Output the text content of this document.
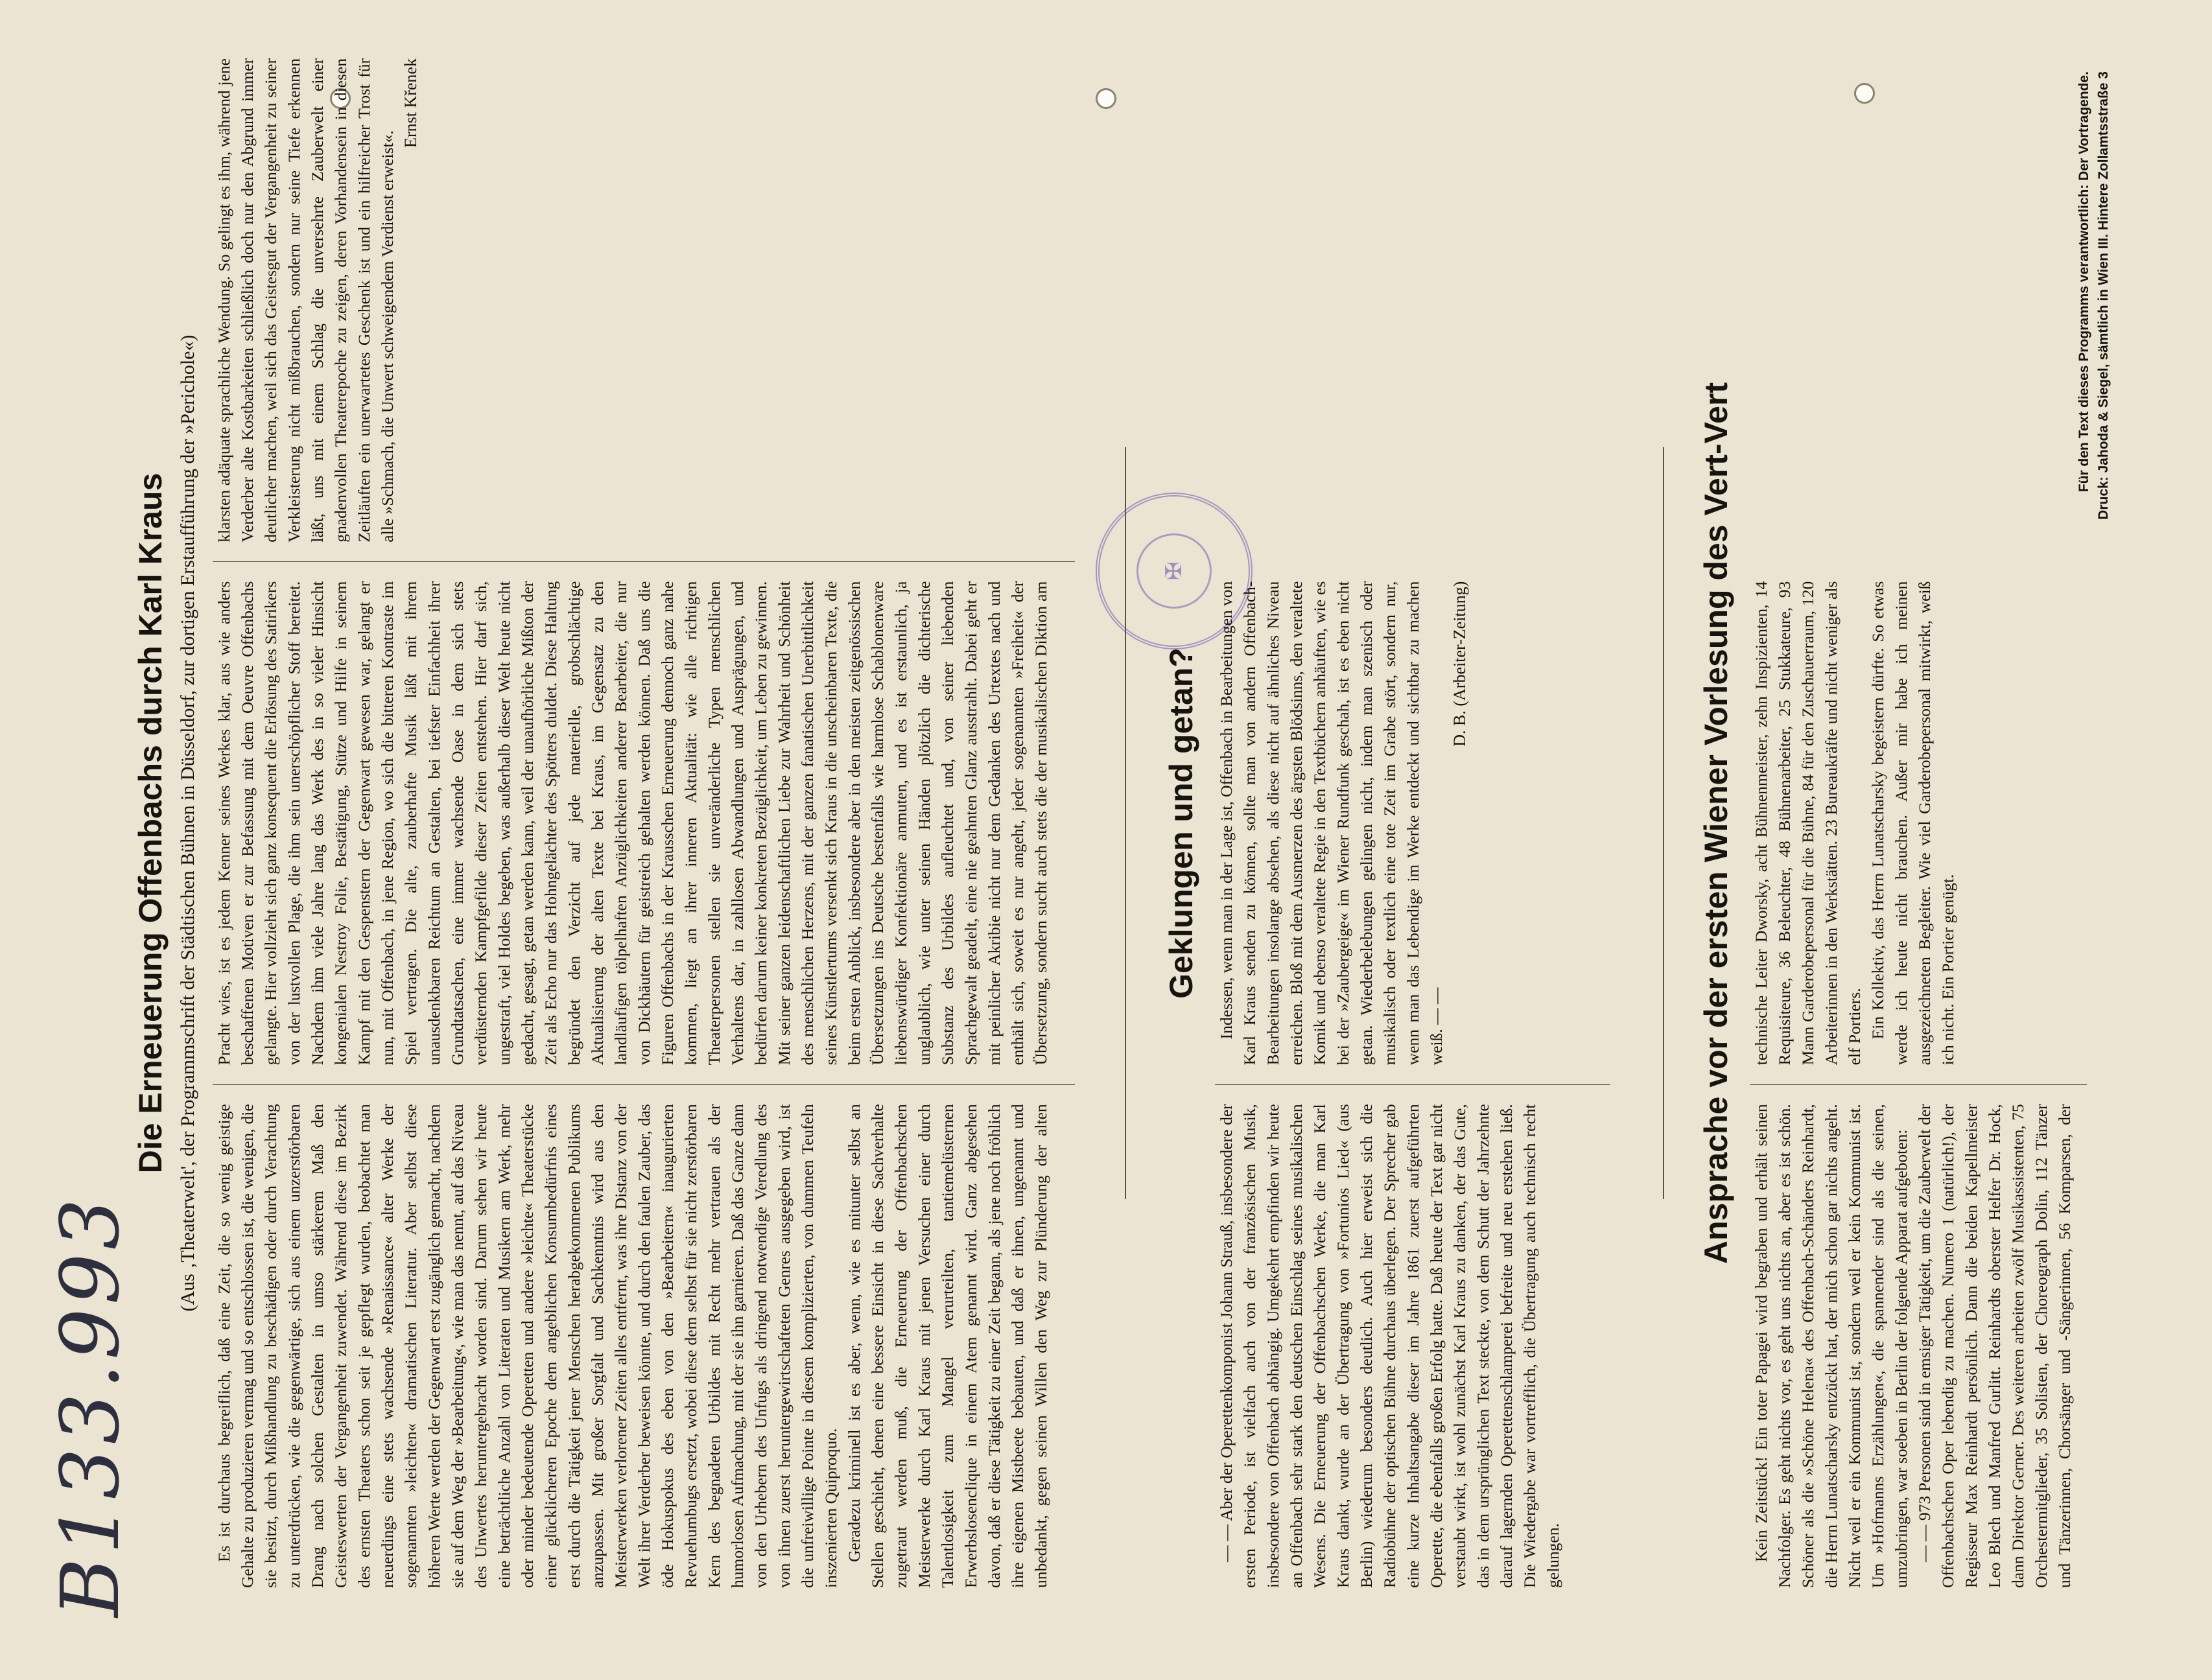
B133.993
✠
Die Erneuerung Offenbachs durch Karl Kraus (Aus ‚Theaterwelt', der Programmschrift der Städtischen Bühnen in Düsseldorf, zur dortigen Erstaufführung der »Perichole«)

Es ist durchaus begreiflich, daß eine Zeit, die so wenig geistige Gehalte zu produzieren vermag und so entschlossen ist, die wenigen, die sie besitzt, durch Mißhandlung zu beschädigen oder durch Verachtung zu unterdrücken, wie die gegenwärtige, sich aus einem unzerstörbaren Drang nach solchen Gestalten in umso stärkerem Maß den Geisteswerten der Vergangenheit zuwendet. Während diese im Bezirk des ernsten Theaters schon seit je gepflegt wurden, beobachtet man neuerdings eine stets wachsende »Renaissance« alter Werke der sogenannten »leichten« dramatischen Literatur. Aber selbst diese höheren Werte werden der Gegenwart erst zugänglich gemacht, nachdem sie auf dem Weg der »Bearbeitung«, wie man das nennt, auf das Niveau des Unwertes heruntergebracht worden sind. Darum sehen wir heute eine beträchtliche Anzahl von Literaten und Musikern am Werk, mehr oder minder bedeutende Operetten und andere »leichte« Theaterstücke einer glücklicheren Epoche dem angeblichen Konsumbedürfnis eines erst durch die Tätigkeit jener Menschen herabgekommenen Publikums anzupassen. Mit großer Sorgfalt und Sachkenntnis wird aus den Meisterwerken verlorener Zeiten alles entfernt, was ihre Distanz von der Welt ihrer Verderber beweisen könnte, und durch den faulen Zauber, das öde Hokuspokus des eben von den »Bearbeitern« inaugurierten Revuehumbugs ersetzt, wobei diese dem selbst für sie nicht zerstörbaren Kern des begnadeten Urbildes mit Recht mehr vertrauen als der humorlosen Aufmachung, mit der sie ihn garnieren. Daß das Ganze dann von den Urhebern des Unfugs als dringend notwendige Veredlung des von ihnen zuerst heruntergewirtschafteten Genres ausgegeben wird, ist die unfreiwillige Pointe in diesem komplizierten, von dummen Teufeln inszenierten Quiproquo. Geradezu kriminell ist es aber, wenn, wie es mitunter selbst an Stellen geschieht, denen eine bessere Einsicht in diese Sachverhalte zugetraut werden muß, die Erneuerung der Offenbachschen Meisterwerke durch Karl Kraus mit jenen Versuchen einer durch Talentlosigkeit zum Mangel verurteilten, tantiemelüsternen Erwerbslosenclique in einem Atem genannt wird. Ganz abgesehen davon, daß er diese Tätigkeit zu einer Zeit begann, als jene noch fröhlich ihre eigenen Mistbeete bebauten, und daß er ihnen, ungenannt und unbedankt, gegen seinen Willen den Weg zur Plünderung der alten Pracht wies, ist es jedem Kenner seines Werkes klar, aus wie anders beschaffenen Motiven er zur Befassung mit dem Oeuvre Offenbachs gelangte. Hier vollzieht sich ganz konsequent die Erlösung des Satirikers von der lustvollen Plage, die ihm sein unerschöpflicher Stoff bereitet. Nachdem ihm viele Jahre lang das Werk des in so vieler Hinsicht kongenialen Nestroy Folie, Bestätigung, Stütze und Hilfe in seinem Kampf mit den Gespenstern der Gegenwart gewesen war, gelangt er nun, mit Offenbach, in jene Region, wo sich die bitteren Kontraste im Spiel vertragen. Die alte, zauberhafte Musik läßt mit ihrem unausdenkbaren Reichtum an Gestalten, bei tiefster Einfachheit ihrer Grundtatsachen, eine immer wachsende Oase in dem sich stets verdüsternden Kampfgefilde dieser Zeiten entstehen. Hier darf sich, ungestraft, viel Holdes begeben, was außerhalb dieser Welt heute nicht gedacht, gesagt, getan werden kann, weil der unaufhörliche Mißton der Zeit als Echo nur das Hohngelächter des Spötters duldet. Diese Haltung begründet den Verzicht auf jede materielle, grobschlächtige Aktualisierung der alten Texte bei Kraus, im Gegensatz zu den landläufigen tölpelhaften Anzüglichkeiten anderer Bearbeiter, die nur von Dickhäutern für geistreich gehalten werden können. Daß uns die Figuren Offenbachs in der Krausschen Erneuerung dennoch ganz nahe kommen, liegt an ihrer inneren Aktualität: wie alle richtigen Theaterpersonen stellen sie unveränderliche Typen menschlichen Verhaltens dar, in zahllosen Abwandlungen und Ausprägungen, und bedürfen darum keiner konkreten Bezüglichkeit, um Leben zu gewinnen. Mit seiner ganzen leidenschaftlichen Liebe zur Wahrheit und Schönheit des menschlichen Herzens, mit der ganzen fanatischen Unerbittlichkeit seines Künstlertums versenkt sich Kraus in die unscheinbaren Texte, die beim ersten Anblick, insbesondere aber in den meisten zeitgenössischen Übersetzungen ins Deutsche bestenfalls wie harmlose Schablonenware liebenswürdiger Konfektionäre anmuten, und es ist erstaunlich, ja unglaublich, wie unter seinen Händen plötzlich die dichterische Substanz des Urbildes aufleuchtet und, von seiner liebenden Sprachgewalt geadelt, eine nie geahnten Glanz ausstrahlt. Dabei geht er mit peinlicher Akribie nicht nur dem Gedanken des Urtextes nach und enthält sich, soweit es nur angeht, jeder sogenannten »Freiheit« der Übersetzung, sondern sucht auch stets die der musikalischen Diktion am klarsten adäquate sprachliche Wendung. So gelingt es ihm, während jene Verderber alte Kostbarkeiten schließlich doch nur den Abgrund immer deutlicher machen, weil sich das Geistesgut der Vergangenheit zu seiner Verkleisterung nicht mißbrauchen, sondern nur seine Tiefe erkennen läßt, uns mit einem Schlag die unversehrte Zauberwelt einer gnadenvollen Theaterepoche zu zeigen, deren Vorhandensein in diesen Zeitläuften ein unerwartetes Geschenk ist und ein hilfreicher Trost für alle »Schmach, die Unwert schweigendem Verdienst erweist«.

Ernst Křenek

Geklungen und getan?

— — Aber der Operettenkomponist Johann Strauß, insbesondere der ersten Periode, ist vielfach auch von der französischen Musik, insbesondere von Offenbach abhängig. Umgekehrt empfinden wir heute an Offenbach sehr stark den deutschen Einschlag seines musikalischen Wesens. Die Erneuerung der Offenbachschen Werke, die man Karl Kraus dankt, wurde an der Übertragung von »Fortunios Lied« (aus Berlin) wiederum besonders deutlich. Auch hier erweist sich die Radiobühne der optischen Bühne durchaus überlegen. Der Sprecher gab eine kurze Inhaltsangabe dieser im Jahre 1861 zuerst aufgeführten Operette, die ebenfalls großen Erfolg hatte. Daß heute der Text gar nicht verstaubt wirkt, ist wohl zunächst Karl Kraus zu danken, der das Gute, das in dem ursprünglichen Text steckte, von dem Schutt der Jahrzehnte darauf lagernden Operettenschlamperei befreite und neu erstehen ließ. Die Wiedergabe war vortrefflich, die Übertragung auch technisch recht gelungen.

Indessen, wenn man in der Lage ist, Offenbach in Bearbeitungen von Karl Kraus senden zu können, sollte man von andern Offenbach-Bearbeitungen insolange absehen, als diese nicht auf ähnliches Niveau erreichen. Bloß mit dem Ausmerzen des ärgsten Blödsinns, den veraltete Komik und ebenso veraltete Regie in den Textbüchern anhäuften, wie es bei der »Zaubergeige« im Wiener Rundfunk geschah, ist es eben nicht getan. Wiederbelebungen gelingen nicht, indem man szenisch oder musikalisch oder textlich eine tote Zeit im Grabe stört, sondern nur, wenn man das Lebendige im Werke entdeckt und sichtbar zu machen weiß. — —

D. B. (Arbeiter-Zeitung)	Ansprache vor der ersten Wiener Vorlesung des Vert-Vert

Kein Zeitstück! Ein toter Papagei wird begraben und erhält seinen Nachfolger. Es geht nichts vor, es geht uns nichts an, aber es ist schön. Schöner als die »Schöne Helena« des Offenbach-Schänders Reinhardt, die Herrn Lunatscharsky entzückt hat, der mich schon gar nichts angeht. Nicht weil er ein Kommunist ist, sondern weil er kein Kommunist ist. Um »Hofmanns Erzählungen«, die spannender sind als die seinen, umzubringen, war soeben in Berlin der folgende Apparat aufgeboten: — — 973 Personen sind in emsiger Tätigkeit, um die Zauberwelt der Offenbachschen Oper lebendig zu machen. Numero 1 (natürlich!), der Regisseur Max Reinhardt persönlich. Dann die beiden Kapellmeister Leo Blech und Manfred Gurlitt. Reinhardts oberster Helfer Dr. Hock, dann Direktor Gerner. Des weiteren arbeiten zwölf Musikassistenten, 75 Orchestermitglieder, 35 Solisten, der Choreograph Dolin, 112 Tänzer und Tänzerinnen, Chorsänger und -Sängerinnen, 56 Komparsen, der technische Leiter Dworsky, acht Bühnenmeister, zehn Inspizienten, 14 Requisiteure, 36 Beleuchter, 48 Bühnenarbeiter, 25 Stukkateure, 93 Mann Garderobepersonal für die Bühne, 84 für den Zuschauerraum, 120 Arbeiterinnen in den Werkstätten. 23 Bureaukräfte und nicht weniger als elf Portiers. Ein Kollektiv, das Herrn Lunatscharsky begeistern dürfte. So etwas werde ich heute nicht brauchen. Außer mir habe ich meinen ausgezeichneten Begleiter. Wie viel Garderobepersonal mitwirkt, weiß ich nicht. Ein Portier genügt.

Für den Text dieses Programms verantwortlich: Der Vortragende. Druck: Jahoda & Siegel, sämtlich in Wien III. Hintere Zollamtsstraße 3
